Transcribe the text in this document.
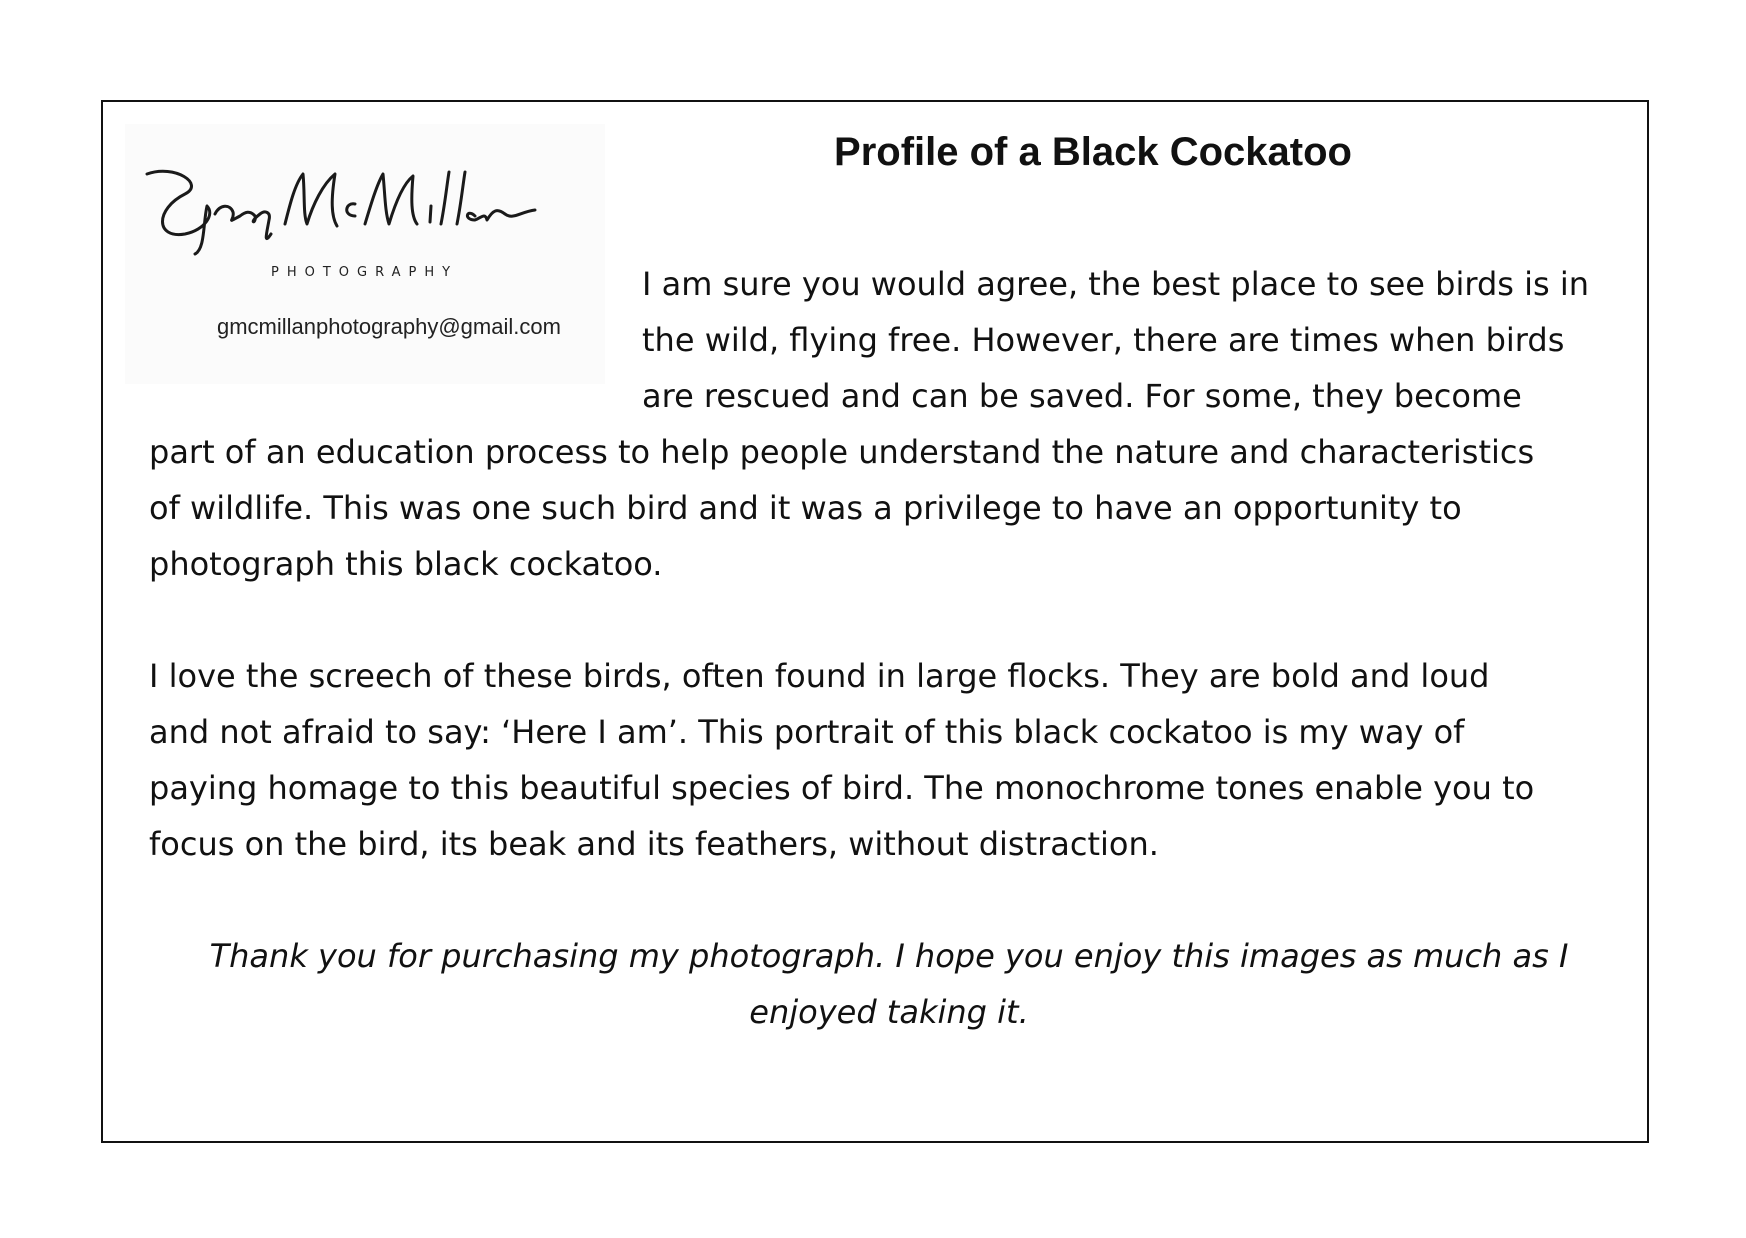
PHOTOGRAPHY
gmcmillanphotography@gmail.com
Profile of a Black Cockatoo
I am sure you would agree, the best place to see birds is in
the wild, flying free. However, there are times when birds
are rescued and can be saved. For some, they become
part of an education process to help people understand the nature and characteristics
of wildlife. This was one such bird and it was a privilege to have an opportunity to
photograph this black cockatoo.
I love the screech of these birds, often found in large flocks. They are bold and loud
and not afraid to say: ‘Here I am’. This portrait of this black cockatoo is my way of
paying homage to this beautiful species of bird. The monochrome tones enable you to
focus on the bird, its beak and its feathers, without distraction.
Thank you for purchasing my photograph. I hope you enjoy this images as much as I
enjoyed taking it.
